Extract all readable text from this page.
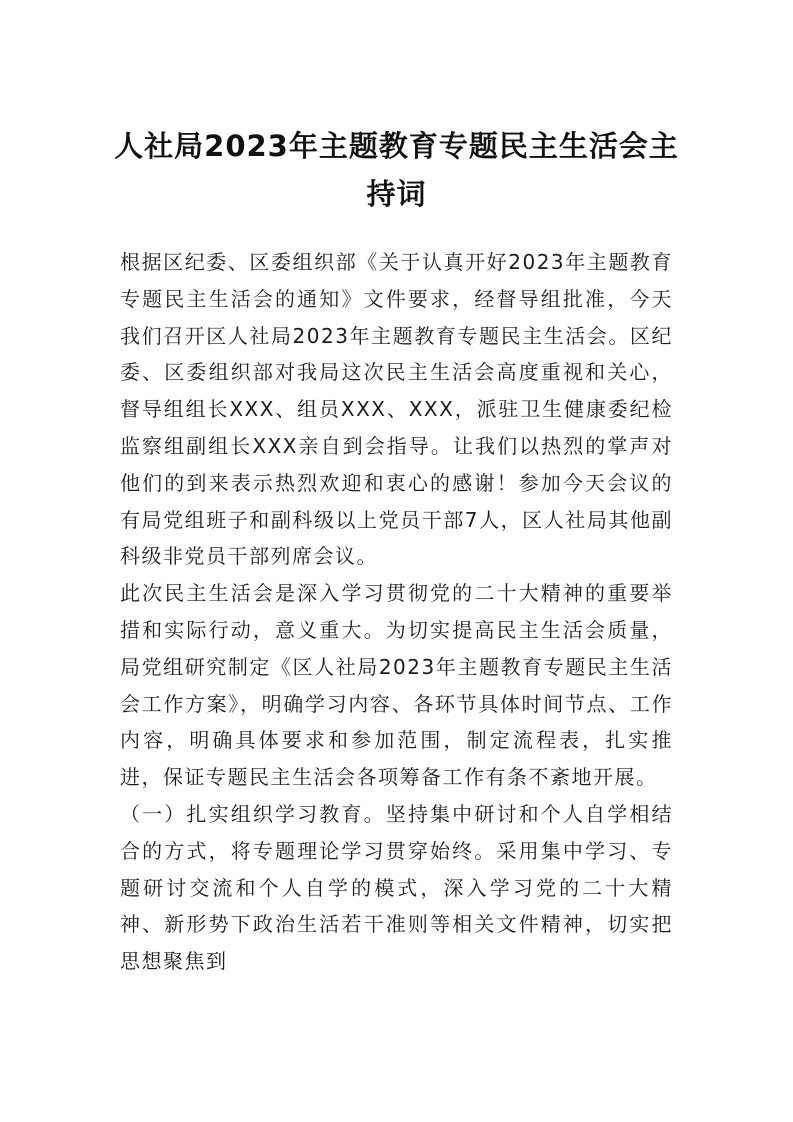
人社局2023年主题教育专题民主生活会主持词

根据区纪委、区委组织部《关于认真开好2023年主题教育专题民主生活会的通知》文件要求，经督导组批准，今天我们召开区人社局2023年主题教育专题民主生活会。区纪委、区委组织部对我局这次民主生活会高度重视和关心，督导组组长XXX、组员XXX、XXX，派驻卫生健康委纪检监察组副组长XXX亲自到会指导。让我们以热烈的掌声对他们的到来表示热烈欢迎和衷心的感谢！参加今天会议的有局党组班子和副科级以上党员干部7人，区人社局其他副科级非党员干部列席会议。

此次民主生活会是深入学习贯彻党的二十大精神的重要举措和实际行动，意义重大。为切实提高民主生活会质量，局党组研究制定《区人社局2023年主题教育专题民主生活会工作方案》，明确学习内容、各环节具体时间节点、工作内容，明确具体要求和参加范围，制定流程表，扎实推进，保证专题民主生活会各项筹备工作有条不紊地开展。

（一）扎实组织学习教育。坚持集中研讨和个人自学相结合的方式，将专题理论学习贯穿始终。采用集中学习、专题研讨交流和个人自学的模式，深入学习党的二十大精神、新形势下政治生活若干准则等相关文件精神，切实把思想聚焦到
